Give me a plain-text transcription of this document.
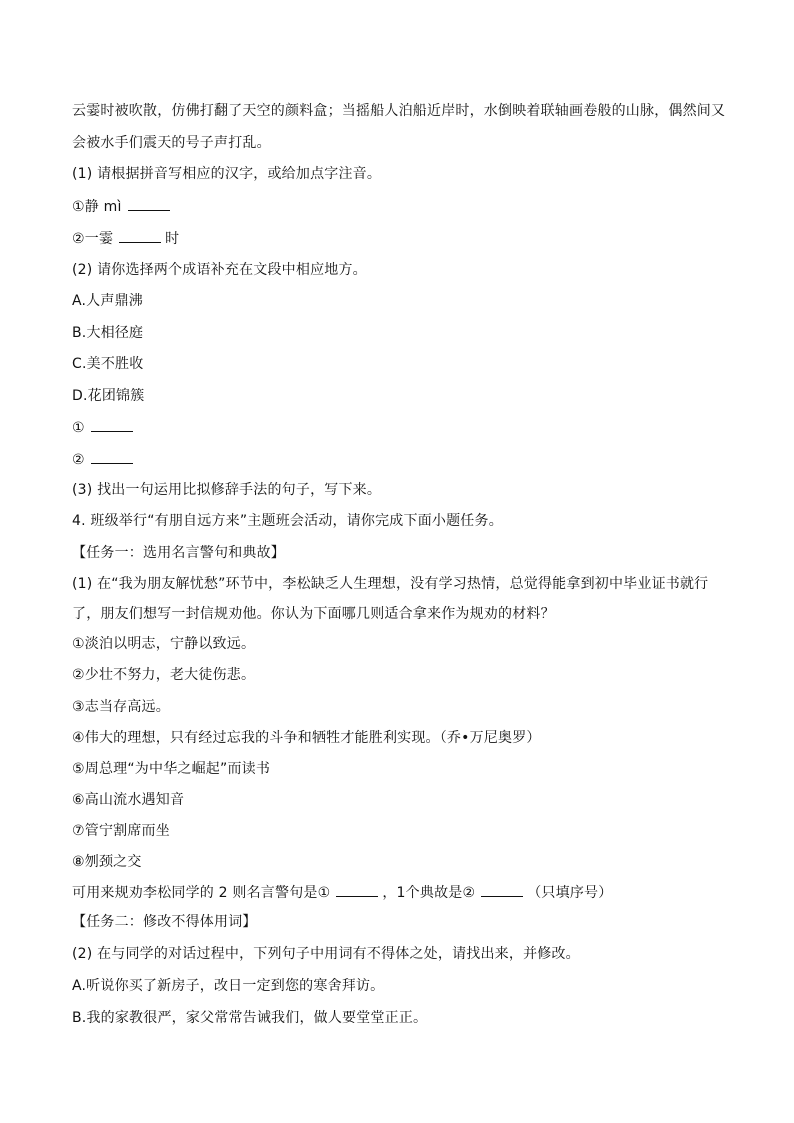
云霎时被吹散，仿佛打翻了天空的颜料盒；当摇船人泊船近岸时，水倒映着联轴画卷般的山脉，偶然间又
会被水手们震天的号子声打乱。
(1) 请根据拼音写相应的汉字，或给加点字注音。
①静 mì
②一霎	时
(2) 请你选择两个成语补充在文段中相应地方。
A.人声鼎沸
B.大相径庭
C.美不胜收
D.花团锦簇
①
②
(3) 找出一句运用比拟修辞手法的句子，写下来。
4. 班级举行“有朋自远方来”主题班会活动，请你完成下面小题任务。
【任务一：选用名言警句和典故】
(1) 在“我为朋友解忧愁”环节中，李松缺乏人生理想，没有学习热情，总觉得能拿到初中毕业证书就行
了，朋友们想写一封信规劝他。你认为下面哪几则适合拿来作为规劝的材料？
①淡泊以明志，宁静以致远。
②少壮不努力，老大徒伤悲。
③志当存高远。
④伟大的理想，只有经过忘我的斗争和牺牲才能胜利实现。（乔•万尼奥罗）
⑤周总理“为中华之崛起”而读书
⑥高山流水遇知音
⑦管宁割席而坐
⑧刎颈之交
可用来规劝李松同学的 2 则名言警句是①	，1个典故是②	（只填序号）
【任务二：修改不得体用词】
(2) 在与同学的对话过程中，下列句子中用词有不得体之处，请找出来，并修改。
A.听说你买了新房子，改日一定到您的寒舍拜访。
B.我的家教很严，家父常常告诫我们，做人要堂堂正正。
